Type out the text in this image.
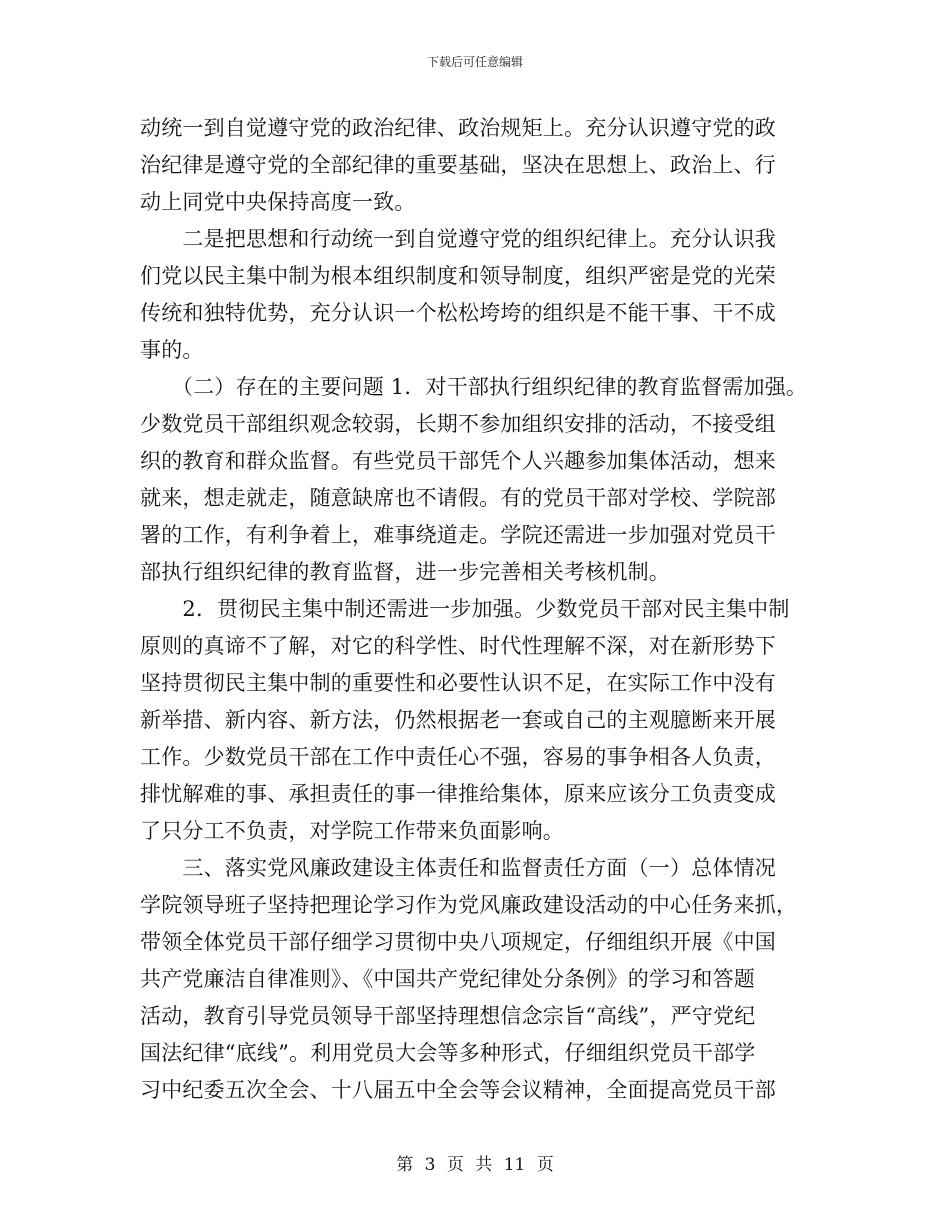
下载后可任意编辑
动统一到自觉遵守党的政治纪律、政治规矩上。充分认识遵守党的政
治纪律是遵守党的全部纪律的重要基础，坚决在思想上、政治上、行
动上同党中央保持高度一致。
　　二是把思想和行动统一到自觉遵守党的组织纪律上。充分认识我
们党以民主集中制为根本组织制度和领导制度，组织严密是党的光荣
传统和独特优势，充分认识一个松松垮垮的组织是不能干事、干不成
事的。
　　（二）存在的主要问题 1．对干部执行组织纪律的教育监督需加强。
少数党员干部组织观念较弱，长期不参加组织安排的活动，不接受组
织的教育和群众监督。有些党员干部凭个人兴趣参加集体活动，想来
就来，想走就走，随意缺席也不请假。有的党员干部对学校、学院部
署的工作，有利争着上，难事绕道走。学院还需进一步加强对党员干
部执行组织纪律的教育监督，进一步完善相关考核机制。
　　2．贯彻民主集中制还需进一步加强。少数党员干部对民主集中制
原则的真谛不了解，对它的科学性、时代性理解不深，对在新形势下
坚持贯彻民主集中制的重要性和必要性认识不足，在实际工作中没有
新举措、新内容、新方法，仍然根据老一套或自己的主观臆断来开展
工作。少数党员干部在工作中责任心不强，容易的事争相各人负责，
排忧解难的事、承担责任的事一律推给集体，原来应该分工负责变成
了只分工不负责，对学院工作带来负面影响。
　　三、落实党风廉政建设主体责任和监督责任方面（一）总体情况
学院领导班子坚持把理论学习作为党风廉政建设活动的中心任务来抓，
带领全体党员干部仔细学习贯彻中央八项规定，仔细组织开展《中国
共产党廉洁自律准则》、《中国共产党纪律处分条例》的学习和答题
活动，教育引导党员领导干部坚持理想信念宗旨“高线”，严守党纪
国法纪律“底线”。利用党员大会等多种形式，仔细组织党员干部学
习中纪委五次全会、十八届五中全会等会议精神，全面提高党员干部
第 3 页 共 11 页
